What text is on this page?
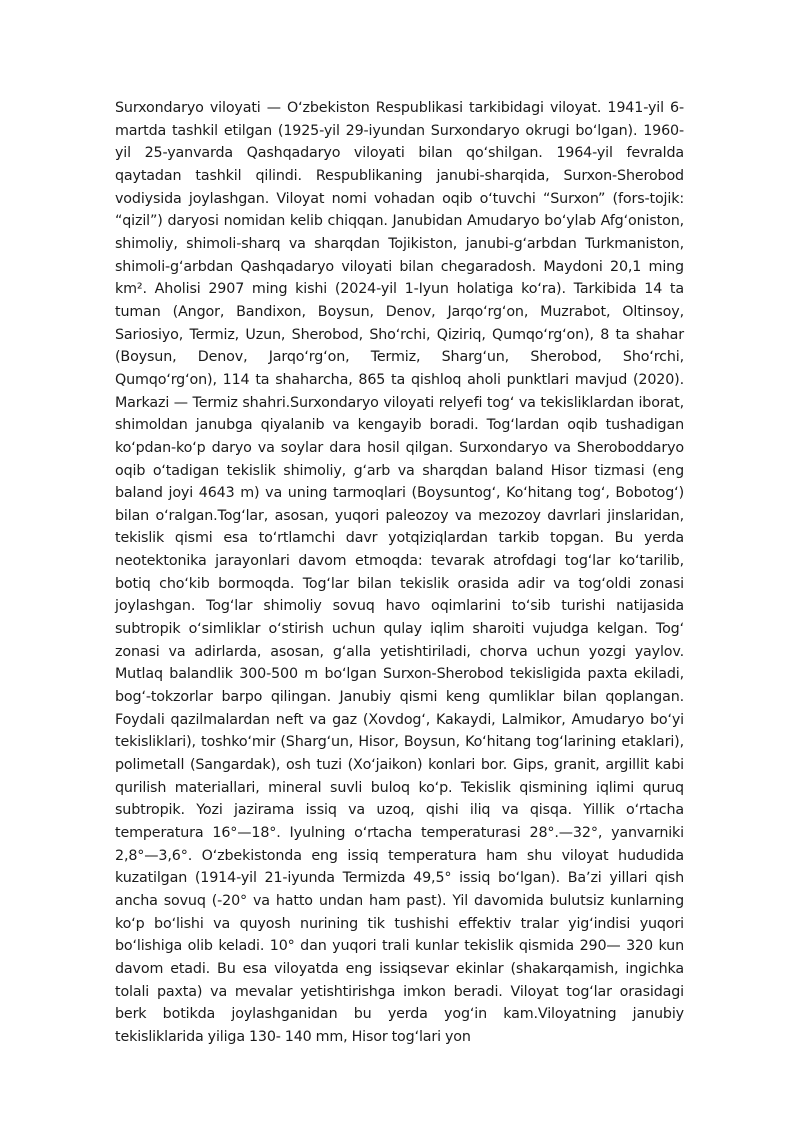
Surxondaryo viloyati — Oʻzbekiston Respublikasi tarkibidagi viloyat. 1941-yil 6-martda tashkil etilgan (1925-yil 29-iyundan Surxondaryo okrugi boʻlgan). 1960-yil 25-yanvarda Qashqadaryo viloyati bilan qoʻshilgan. 1964-yil fevralda qaytadan tashkil qilindi. Respublikaning janubi-sharqida, Surxon-Sherobod vodiysida joylashgan. Viloyat nomi vohadan oqib oʻtuvchi “Surxon” (fors-tojik: “qizil”) daryosi nomidan kelib chiqqan. Janubidan Amudaryo boʻylab Afgʻoniston, shimoliy, shimoli-sharq va sharqdan Tojikiston, janubi-gʻarbdan Turkmaniston, shimoli-gʻarbdan Qashqadaryo viloyati bilan chegaradosh. Maydoni 20,1 ming km². Aholisi 2907 ming kishi (2024-yil 1-Iyun holatiga koʻra). Tarkibida 14 ta tuman (Angor, Bandixon, Boysun, Denov, Jarqoʻrgʻon, Muzrabot, Oltinsoy, Sariosiyo, Termiz, Uzun, Sherobod, Shoʻrchi, Qiziriq, Qumqoʻrgʻon), 8 ta shahar (Boysun, Denov, Jarqoʻrgʻon, Termiz, Shargʻun, Sherobod, Shoʻrchi, Qumqoʻrgʻon), 114 ta shaharcha, 865 ta qishloq aholi punktlari mavjud (2020). Markazi — Termiz shahri.Surxondaryo viloyati relyefi togʻ va tekisliklardan iborat, shimoldan janubga qiyalanib va kengayib boradi. Togʻlardan oqib tushadigan koʻpdan-koʻp daryo va soylar dara hosil qilgan. Surxondaryo va Sheroboddaryo oqib oʻtadigan tekislik shimoliy, gʻarb va sharqdan baland Hisor tizmasi (eng baland joyi 4643 m) va uning tarmoqlari (Boysuntogʻ, Koʻhitang togʻ, Bobotogʻ) bilan oʻralgan.Togʻlar, asosan, yuqori paleozoy va mezozoy davrlari jinslaridan, tekislik qismi esa toʻrtlamchi davr yotqiziqlardan tarkib topgan. Bu yerda neotektonika jarayonlari davom etmoqda: tevarak atrofdagi togʻlar koʻtarilib, botiq choʻkib bormoqda. Togʻlar bilan tekislik orasida adir va togʻoldi zonasi joylashgan. Togʻlar shimoliy sovuq havo oqimlarini toʻsib turishi natijasida subtropik oʻsimliklar oʻstirish uchun qulay iqlim sharoiti vujudga kelgan. Togʻ zonasi va adirlarda, asosan, gʻalla yetishtiriladi, chorva uchun yozgi yaylov. Mutlaq balandlik 300-500 m boʻlgan Surxon-Sherobod tekisligida paxta ekiladi, bogʻ-tokzorlar barpo qilingan. Janubiy qismi keng qumliklar bilan qoplangan. Foydali qazilmalardan neft va gaz (Xovdogʻ, Kakaydi, Lalmikor, Amudaryo boʻyi tekisliklari), toshkoʻmir (Shargʻun, Hisor, Boysun, Koʻhitang togʻlarining etaklari), polimetall (Sangardak), osh tuzi (Xoʻjaikon) konlari bor. Gips, granit, argillit kabi qurilish materiallari, mineral suvli buloq koʻp. Tekislik qismining iqlimi quruq subtropik. Yozi jazirama issiq va uzoq, qishi iliq va qisqa. Yillik oʻrtacha temperatura 16°—18°. Iyulning oʻrtacha temperaturasi 28°.—32°, yanvarniki 2,8°—3,6°. Oʻzbekistonda eng issiq temperatura ham shu viloyat hududida kuzatilgan (1914-yil 21-iyunda Termizda 49,5° issiq boʻlgan). Baʼzi yillari qish ancha sovuq (-20° va hatto undan ham past). Yil davomida bulutsiz kunlarning koʻp boʻlishi va quyosh nurining tik tushishi effektiv tralar yigʻindisi yuqori boʻlishiga olib keladi. 10° dan yuqori trali kunlar tekislik qismida 290— 320 kun davom etadi. Bu esa viloyatda eng issiqsevar ekinlar (shakarqamish, ingichka tolali paxta) va mevalar yetishtirishga imkon beradi. Viloyat togʻlar orasidagi berk botikda joylashganidan bu yerda yogʻin kam.Viloyatning janubiy tekisliklarida yiliga 130- 140 mm, Hisor togʻlari yon
